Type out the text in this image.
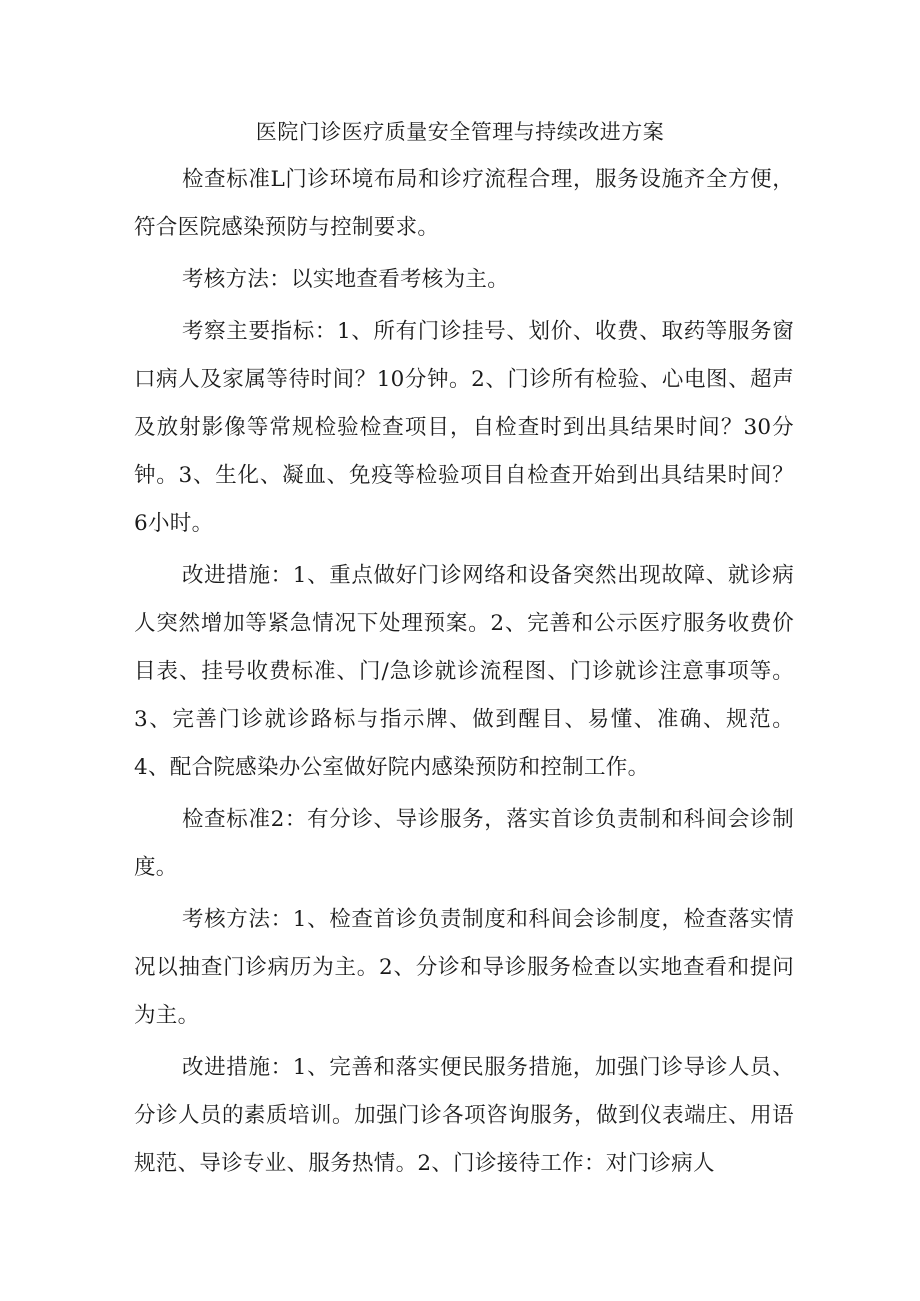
医院门诊医疗质量安全管理与持续改进方案

检查标准L门诊环境布局和诊疗流程合理，服务设施齐全方便，符合医院感染预防与控制要求。

考核方法：以实地查看考核为主。

考察主要指标：1、所有门诊挂号、划价、收费、取药等服务窗口病人及家属等待时间？10分钟。2、门诊所有检验、心电图、超声及放射影像等常规检验检查项目，自检查时到出具结果时间？30分钟。3、生化、凝血、免疫等检验项目自检查开始到出具结果时间？6小时。

改进措施：1、重点做好门诊网络和设备突然出现故障、就诊病人突然增加等紧急情况下处理预案。2、完善和公示医疗服务收费价目表、挂号收费标准、门/急诊就诊流程图、门诊就诊注意事项等。3、完善门诊就诊路标与指示牌、做到醒目、易懂、准确、规范。4、配合院感染办公室做好院内感染预防和控制工作。

检查标准2：有分诊、导诊服务，落实首诊负责制和科间会诊制度。

考核方法：1、检查首诊负责制度和科间会诊制度，检查落实情况以抽查门诊病历为主。2、分诊和导诊服务检查以实地查看和提问为主。

改进措施：1、完善和落实便民服务措施，加强门诊导诊人员、分诊人员的素质培训。加强门诊各项咨询服务，做到仪表端庄、用语规范、导诊专业、服务热情。2、门诊接待工作：对门诊病人
